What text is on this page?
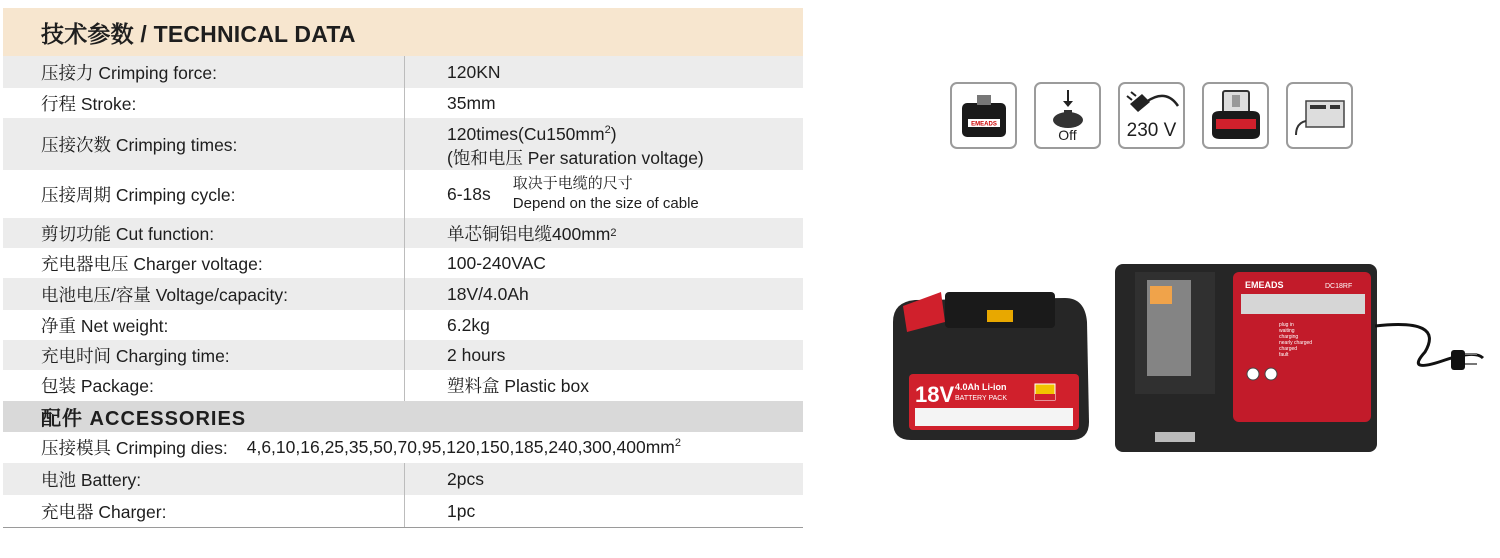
技术参数 / TECHNICAL DATA
压接力 Crimping force:	120KN
行程 Stroke:	35mm
压接次数 Crimping times:
$120times(Cu150mm^2)$
(饱和电压 Per saturation voltage)
压接周期 Crimping cycle:	6-18s 取决于电缆的尺寸
Depend on the size of cable
剪切功能 Cut function:	单芯铜铝电缆400mm 2
充电器电压 Charger voltage:	100-240VAC
电池电压/容量 Voltage/capacity:	18V/4.0Ah
净重 Net weight:	6.2kg
充电时间 Charging time:	2 hours
包装 Package:	塑料盒 Plastic box
配件 ACCESSORIES
压接模具 Crimping dies: $4,6,10,16,25,35,50,70,95,120,150,185,240,300,400mm^2$
电池 Battery:	2pcs
充电器 Charger:	1pc
EMEADS
Off	230 V
18V 4.0Ah Li-ion
BATTERY PACK
EMEADS	DC18RF
plug in
waiting
charging
nearly charged
charged
fault
